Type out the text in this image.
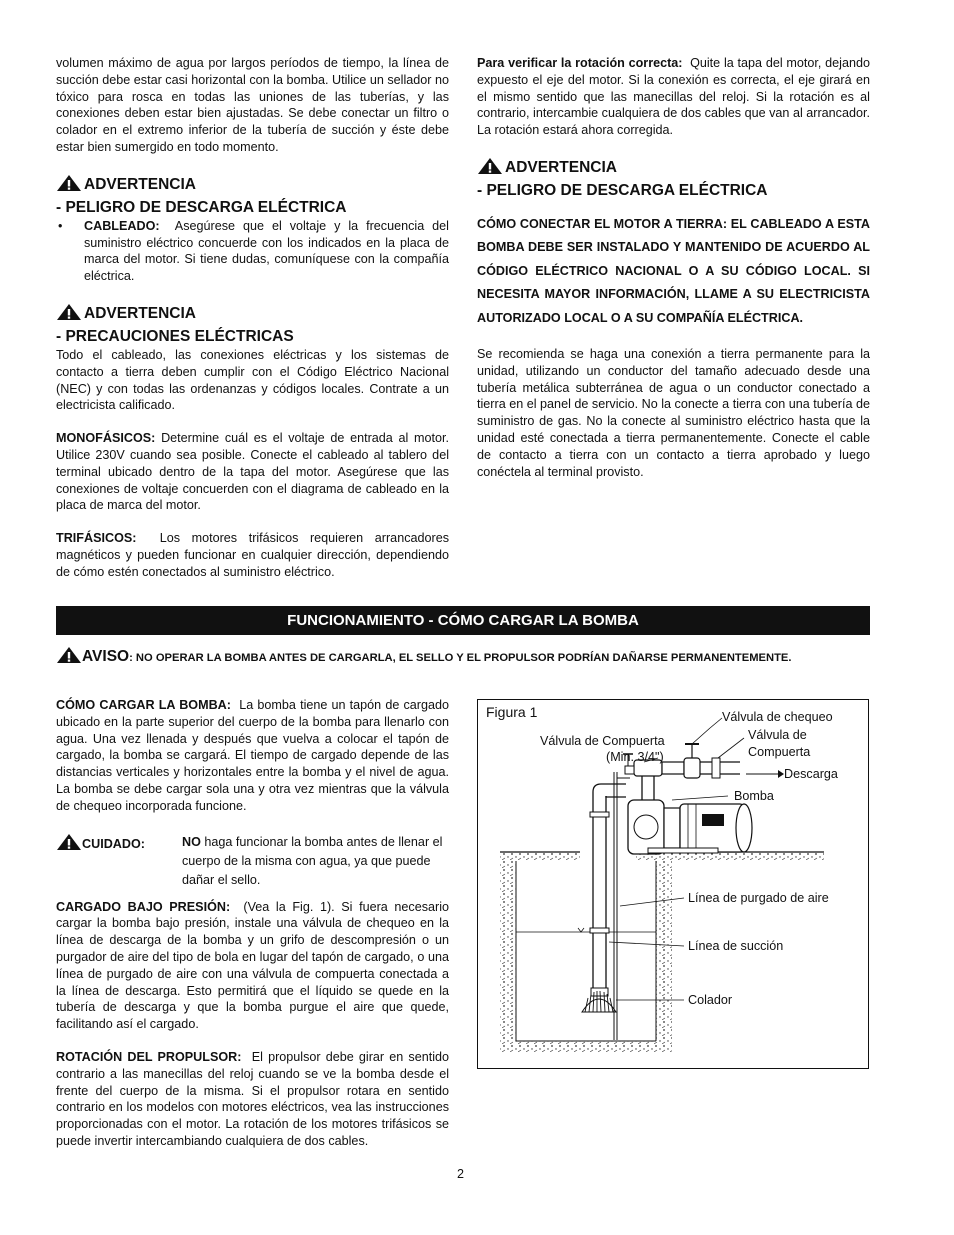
volumen máximo de agua por largos períodos de tiempo, la línea de succión debe estar casi horizontal con la bomba. Utilice un sellador no tóxico para rosca en todas las uniones de las tuberías, y las conexiones deben estar bien ajustadas. Se debe conectar un filtro o colador en el extremo inferior de la tubería de succión y éste debe estar bien sumergido en todo momento.

ADVERTENCIA
- PELIGRO DE DESCARGA ELÉCTRICA
• CABLEADO: Asegúrese que el voltaje y la frecuencia del suministro eléctrico concuerde con los indicados en la placa de marca del motor. Si tiene dudas, comuníquese con la compañía eléctrica.

ADVERTENCIA
- PRECAUCIONES ELÉCTRICAS

Todo el cableado, las conexiones eléctricas y los sistemas de contacto a tierra deben cumplir con el Código Eléctrico Nacional (NEC) y con todas las ordenanzas y códigos locales. Contrate a un electricista calificado.

MONOFÁSICOS: Determine cuál es el voltaje de entrada al motor. Utilice 230V cuando sea posible. Conecte el cableado al tablero del terminal ubicado dentro de la tapa del motor. Asegúrese que las conexiones de voltaje concuerden con el diagrama de cableado en la placa de marca del motor.

TRIFÁSICOS: Los motores trifásicos requieren arrancadores magnéticos y pueden funcionar en cualquier dirección, dependiendo de cómo estén conectados al suministro eléctrico.

Para verificar la rotación correcta: Quite la tapa del motor, dejando expuesto el eje del motor. Si la conexión es correcta, el eje girará en el mismo sentido que las manecillas del reloj. Si la rotación es al contrario, intercambie cualquiera de dos cables que van al arrancador. La rotación estará ahora corregida.

ADVERTENCIA
- PELIGRO DE DESCARGA ELÉCTRICA

CÓMO CONECTAR EL MOTOR A TIERRA: EL CABLEADO A ESTA BOMBA DEBE SER INSTALADO Y MANTENIDO DE ACUERDO AL CÓDIGO ELÉCTRICO NACIONAL O A SU CÓDIGO LOCAL. SI NECESITA MAYOR INFORMACIÓN, LLAME A SU ELECTRICISTA AUTORIZADO LOCAL O A SU COMPAÑÍA ELÉCTRICA.

Se recomienda se haga una conexión a tierra permanente para la unidad, utilizando un conductor del tamaño adecuado desde una tubería metálica subterránea de agua o un conductor conectado a tierra en el panel de servicio. No la conecte a tierra con una tubería de suministro de gas. No la conecte al suministro eléctrico hasta que la unidad esté conectada a tierra permanentemente. Conecte el cable de contacto a tierra con un contacto a tierra aprobado y luego conéctela al terminal provisto.

FUNCIONAMIENTO - CÓMO CARGAR LA BOMBA
AVISO: NO OPERAR LA BOMBA ANTES DE CARGARLA, EL SELLO Y EL PROPULSOR PODRÍAN DAÑARSE PERMANENTEMENTE.

CÓMO CARGAR LA BOMBA: La bomba tiene un tapón de cargado ubicado en la parte superior del cuerpo de la bomba para llenarlo con agua. Una vez llenada y después que vuelva a colocar el tapón de cargado, la bomba se cargará. El tiempo de cargado depende de las distancias verticales y horizontales entre la bomba y el nivel de agua. La bomba se debe cargar sola una y otra vez mientras que la válvula de chequeo incorporada funcione.

CUIDADO:	NO haga funcionar la bomba antes de llenar el cuerpo de la misma con agua, ya que puede dañar el sello.

CARGADO BAJO PRESIÓN: (Vea la Fig. 1). Si fuera necesario cargar la bomba bajo presión, instale una válvula de chequeo en la línea de descarga de la bomba y un grifo de descompresión o un purgador de aire del tipo de bola en lugar del tapón de cargado, o una línea de purgado de aire con una válvula de compuerta conectada a la línea de descarga. Esto permitirá que el líquido se quede en la tubería de descarga y que la bomba purgue el aire que quede, facilitando así el cargado.

ROTACIÓN DEL PROPULSOR: El propulsor debe girar en sentido contrario a las manecillas del reloj cuando se ve la bomba desde el frente del cuerpo de la misma. Si el propulsor rotara en sentido contrario en los modelos con motores eléctricos, vea las instrucciones proporcionadas con el motor. La rotación de los motores trifásicos se puede invertir intercambiando cualquiera de dos cables.

Figura 1	Válvula de chequeo
Válvula de
Compuerta
Válvula de Compuerta
(Min. 3/4")
Descarga
Bomba
Línea de purgado de aire
Línea de succión
Colador
2
